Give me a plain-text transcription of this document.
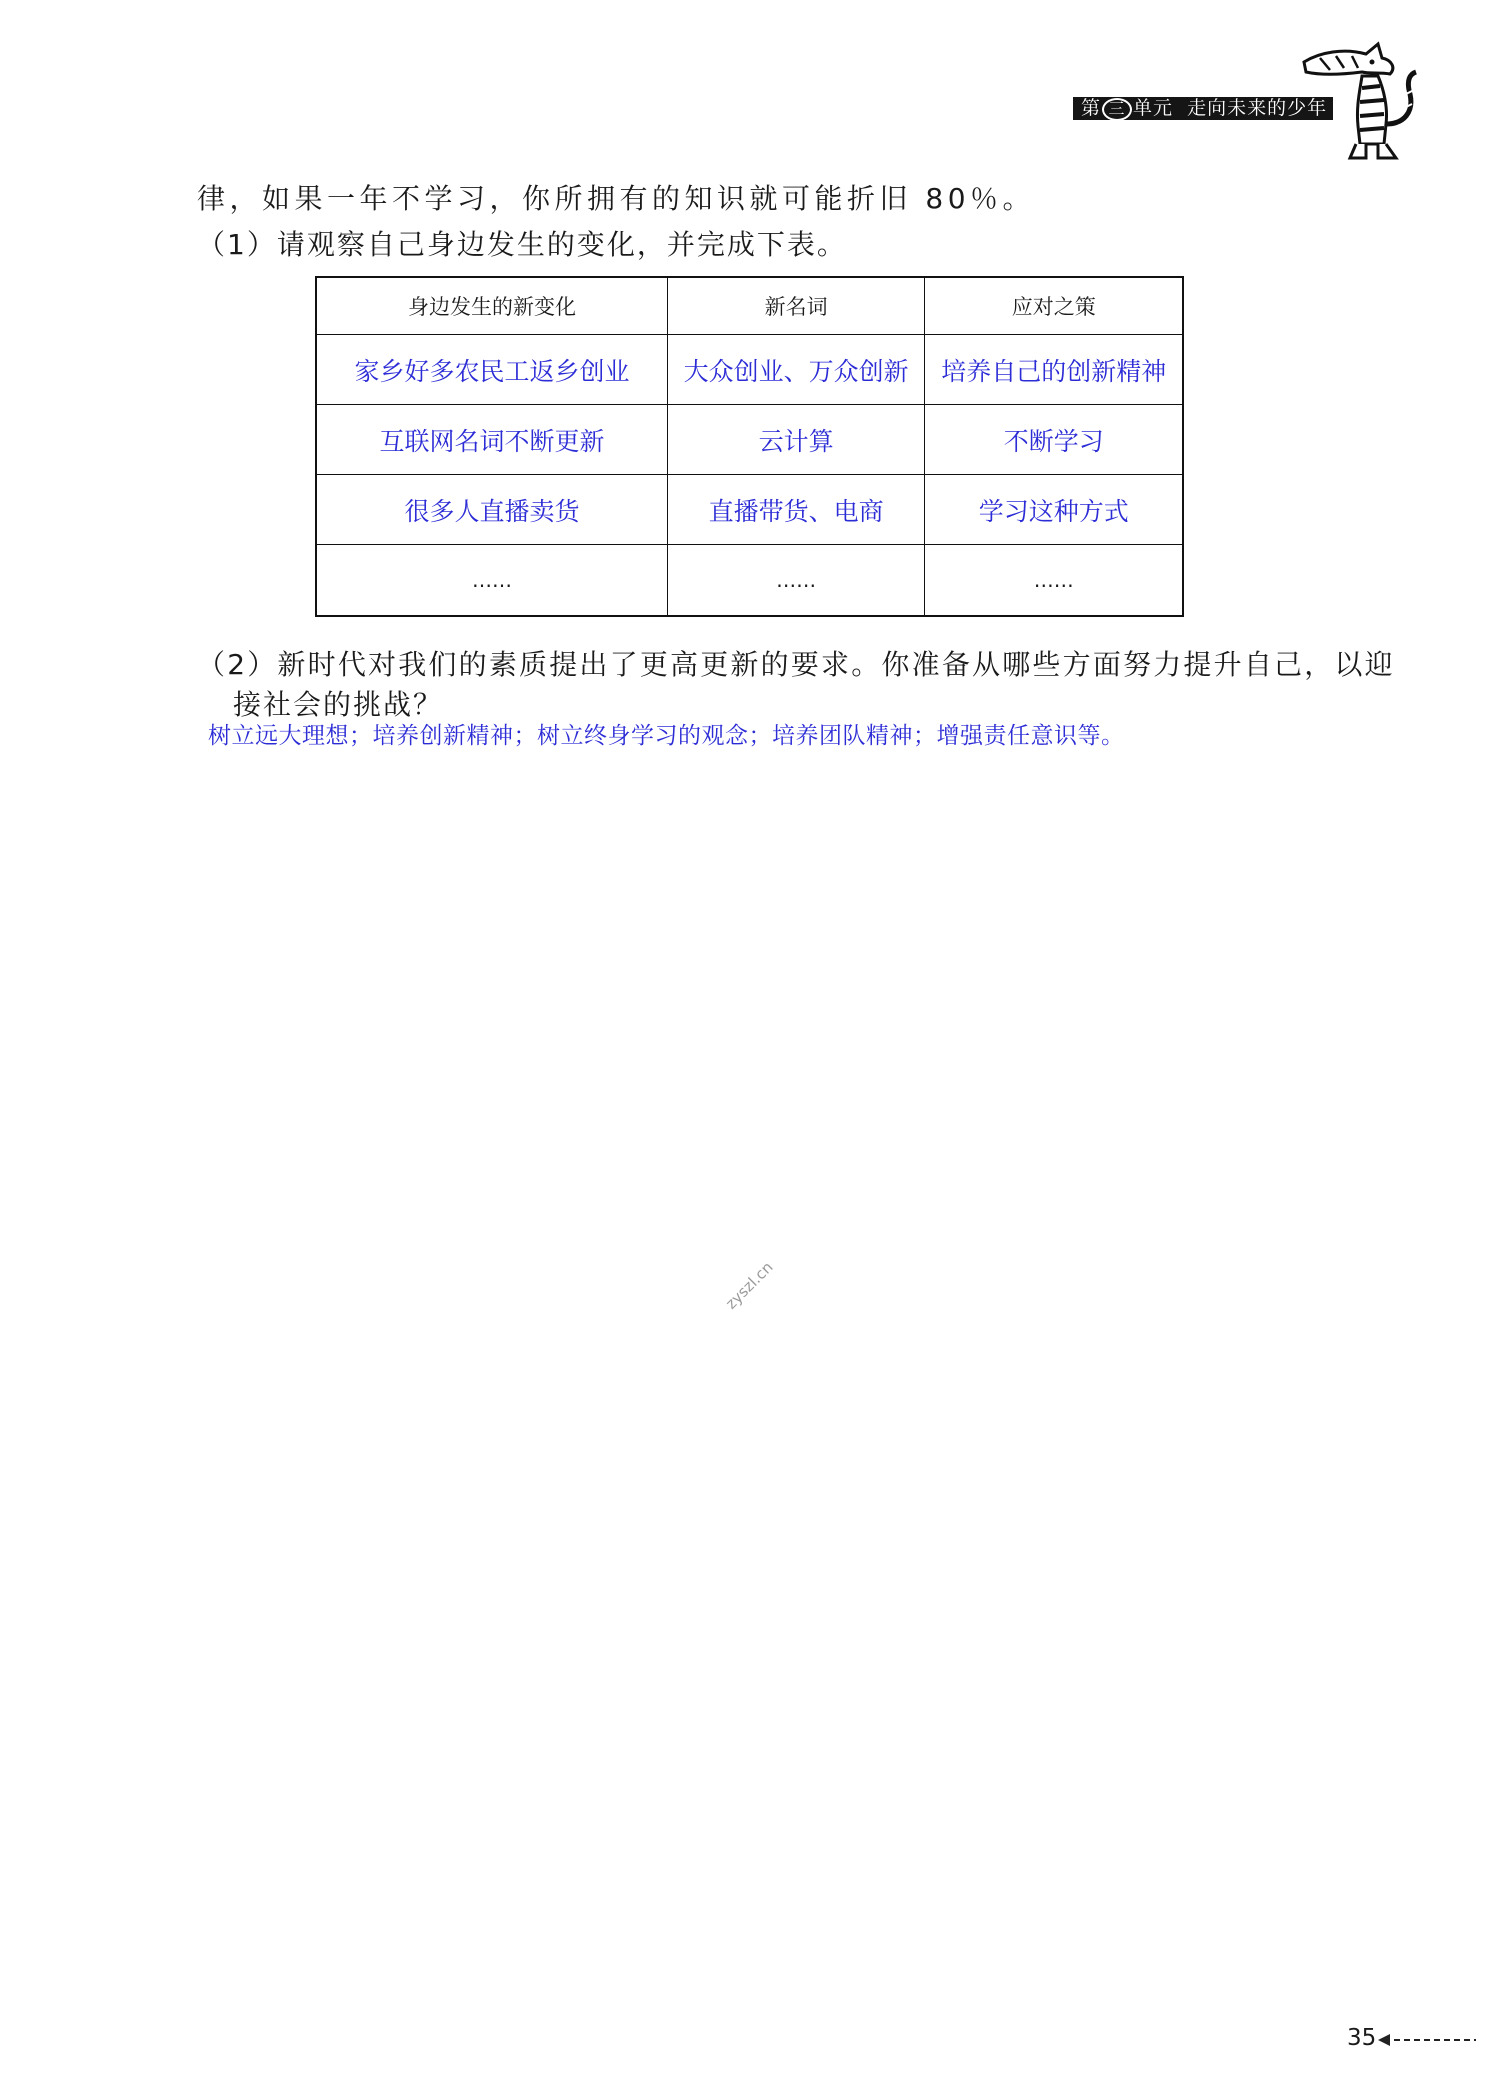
第 三 单元 走向未来的少年
律，如果一年不学习，你所拥有的知识就可能折旧 80％。
（1）请观察自己身边发生的变化，并完成下表。
身边发生的新变化	新名词	应对之策
家乡好多农民工返乡创业	大众创业、万众创新	培养自己的创新精神
互联网名词不断更新	云计算	不断学习
很多人直播卖货	直播带货、电商	学习这种方式
……	……	……
（2）新时代对我们的素质提出了更高更新的要求。你准备从哪些方面努力提升自己，以迎
接社会的挑战？
树立远大理想；培养创新精神；树立终身学习的观念；培养团队精神；增强责任意识等。
zyszl.cn
35
